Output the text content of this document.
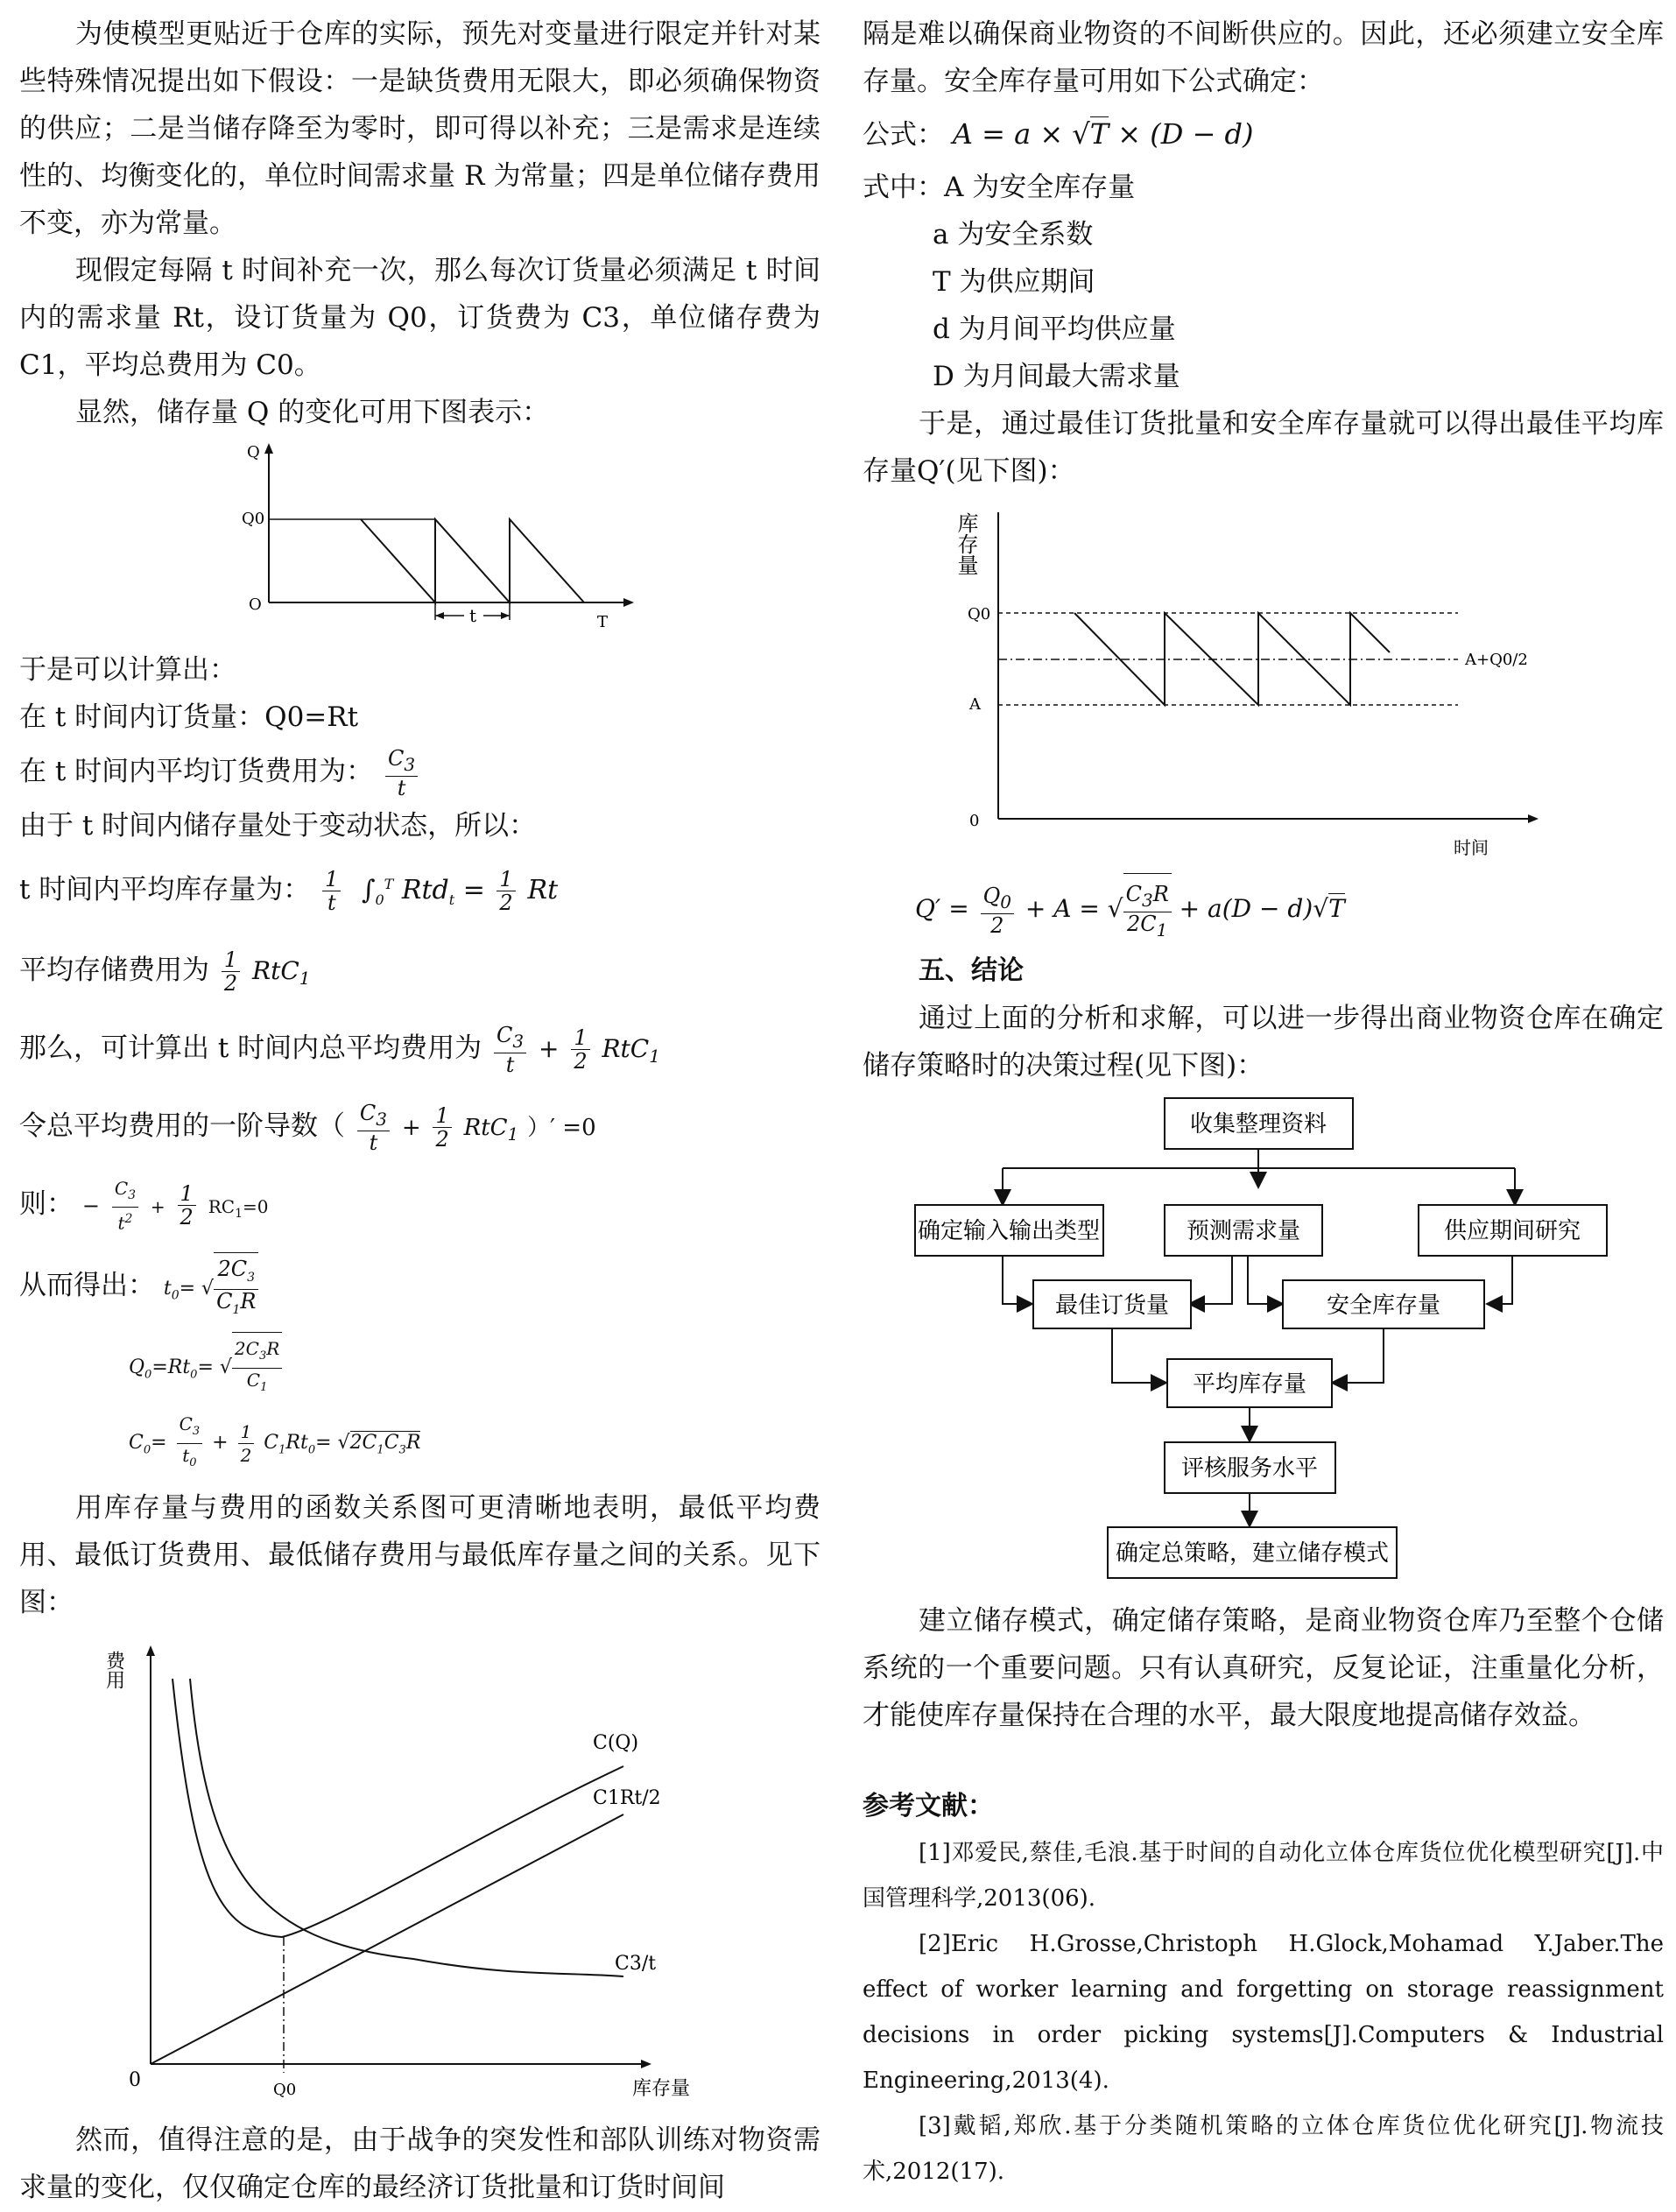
为使模型更贴近于仓库的实际，预先对变量进行限定并针对某些特殊情况提出如下假设：一是缺货费用无限大，即必须确保物资的供应；二是当储存降至为零时，即可得以补充；三是需求是连续性的、均衡变化的，单位时间需求量 R 为常量；四是单位储存费用不变，亦为常量。

现假定每隔 t 时间补充一次，那么每次订货量必须满足 t 时间内的需求量 Rt，设订货量为 Q0，订货费为 C3，单位储存费为 C1，平均总费用为 C0。

显然，储存量 Q 的变化可用下图表示：

Q
Q0
O
T
t

于是可以计算出：

在 t 时间内订货量：Q0=Rt

在 t 时间内平均订货费用为： $\frac{C_3}{t}$

由于 t 时间内储存量处于变动状态，所以：

t 时间内平均库存量为： $\frac{1}{t} \int_0^T$ $Rtd_t = \frac{1}{2}$ Rt

平均存储费用为 $\frac{1}{2} RtC_1$

那么，可计算出 t 时间内总平均费用为 $\frac{C_3}{t} + \frac{1}{2} RtC_1$

令总平均费用的一阶导数（ $\frac{C_3}{t} + \frac{1}{2} RtC_1$ ）′ =0

则： − $\frac{C_3}{t^2} + \frac{1}{2} RC_1=0$

从而得出： $t_0=$ √ $\frac{2C_3}{C_1R}$

$Q_0=Rt_0=$ √ $\frac{2C_3R}{C_1}$

$C_0= \frac{C_3}{t_0} + \frac{1}{2} C_1Rt_0= √2C_1C_3R$

用库存量与费用的函数关系图可更清晰地表明，最低平均费用、最低订货费用、最低储存费用与最低库存量之间的关系。见下图：

费用
0	库存量
Q0
C(Q)
C1Rt/2
C3/t

然而，值得注意的是，由于战争的突发性和部队训练对物资需求量的变化，仅仅确定仓库的最经济订货批量和订货时间间

隔是难以确保商业物资的不间断供应的。因此，还必须建立安全库存量。安全库存量可用如下公式确定：

公式： A = a × √T × (D − d)

式中：A 为安全库存量

a 为安全系数

T 为供应期间

d 为月间平均供应量

D 为月间最大需求量

于是，通过最佳订货批量和安全库存量就可以得出最佳平均库存量Q′(见下图)：

库存量
Q0
A
0
时间
A+Q0/2

$Q' = \frac{Q_0}{2} + A$ = √ $\frac{C_3R}{2C_1} + a(D - d)√T$

五、结论

通过上面的分析和求解，可以进一步得出商业物资仓库在确定储存策略时的决策过程(见下图)：

收集整理资料
确定输入输出类型	预测需求量	供应期间研究
最佳订货量	安全库存量
平均库存量
评核服务水平
确定总策略，建立储存模式

建立储存模式，确定储存策略，是商业物资仓库乃至整个仓储系统的一个重要问题。只有认真研究，反复论证，注重量化分析，才能使库存量保持在合理的水平，最大限度地提高储存效益。

参考文献：

[1]邓爱民,蔡佳,毛浪.基于时间的自动化立体仓库货位优化模型研究[J].中国管理科学,2013(06).

[2]Eric H.Grosse,Christoph H.Glock,Mohamad Y.Jaber.The effect of worker learning and forgetting on storage reassignment decisions in order picking systems[J].Computers & Industrial Engineering,2013(4).

[3]戴韬,郑欣.基于分类随机策略的立体仓库货位优化研究[J].物流技术,2012(17).
